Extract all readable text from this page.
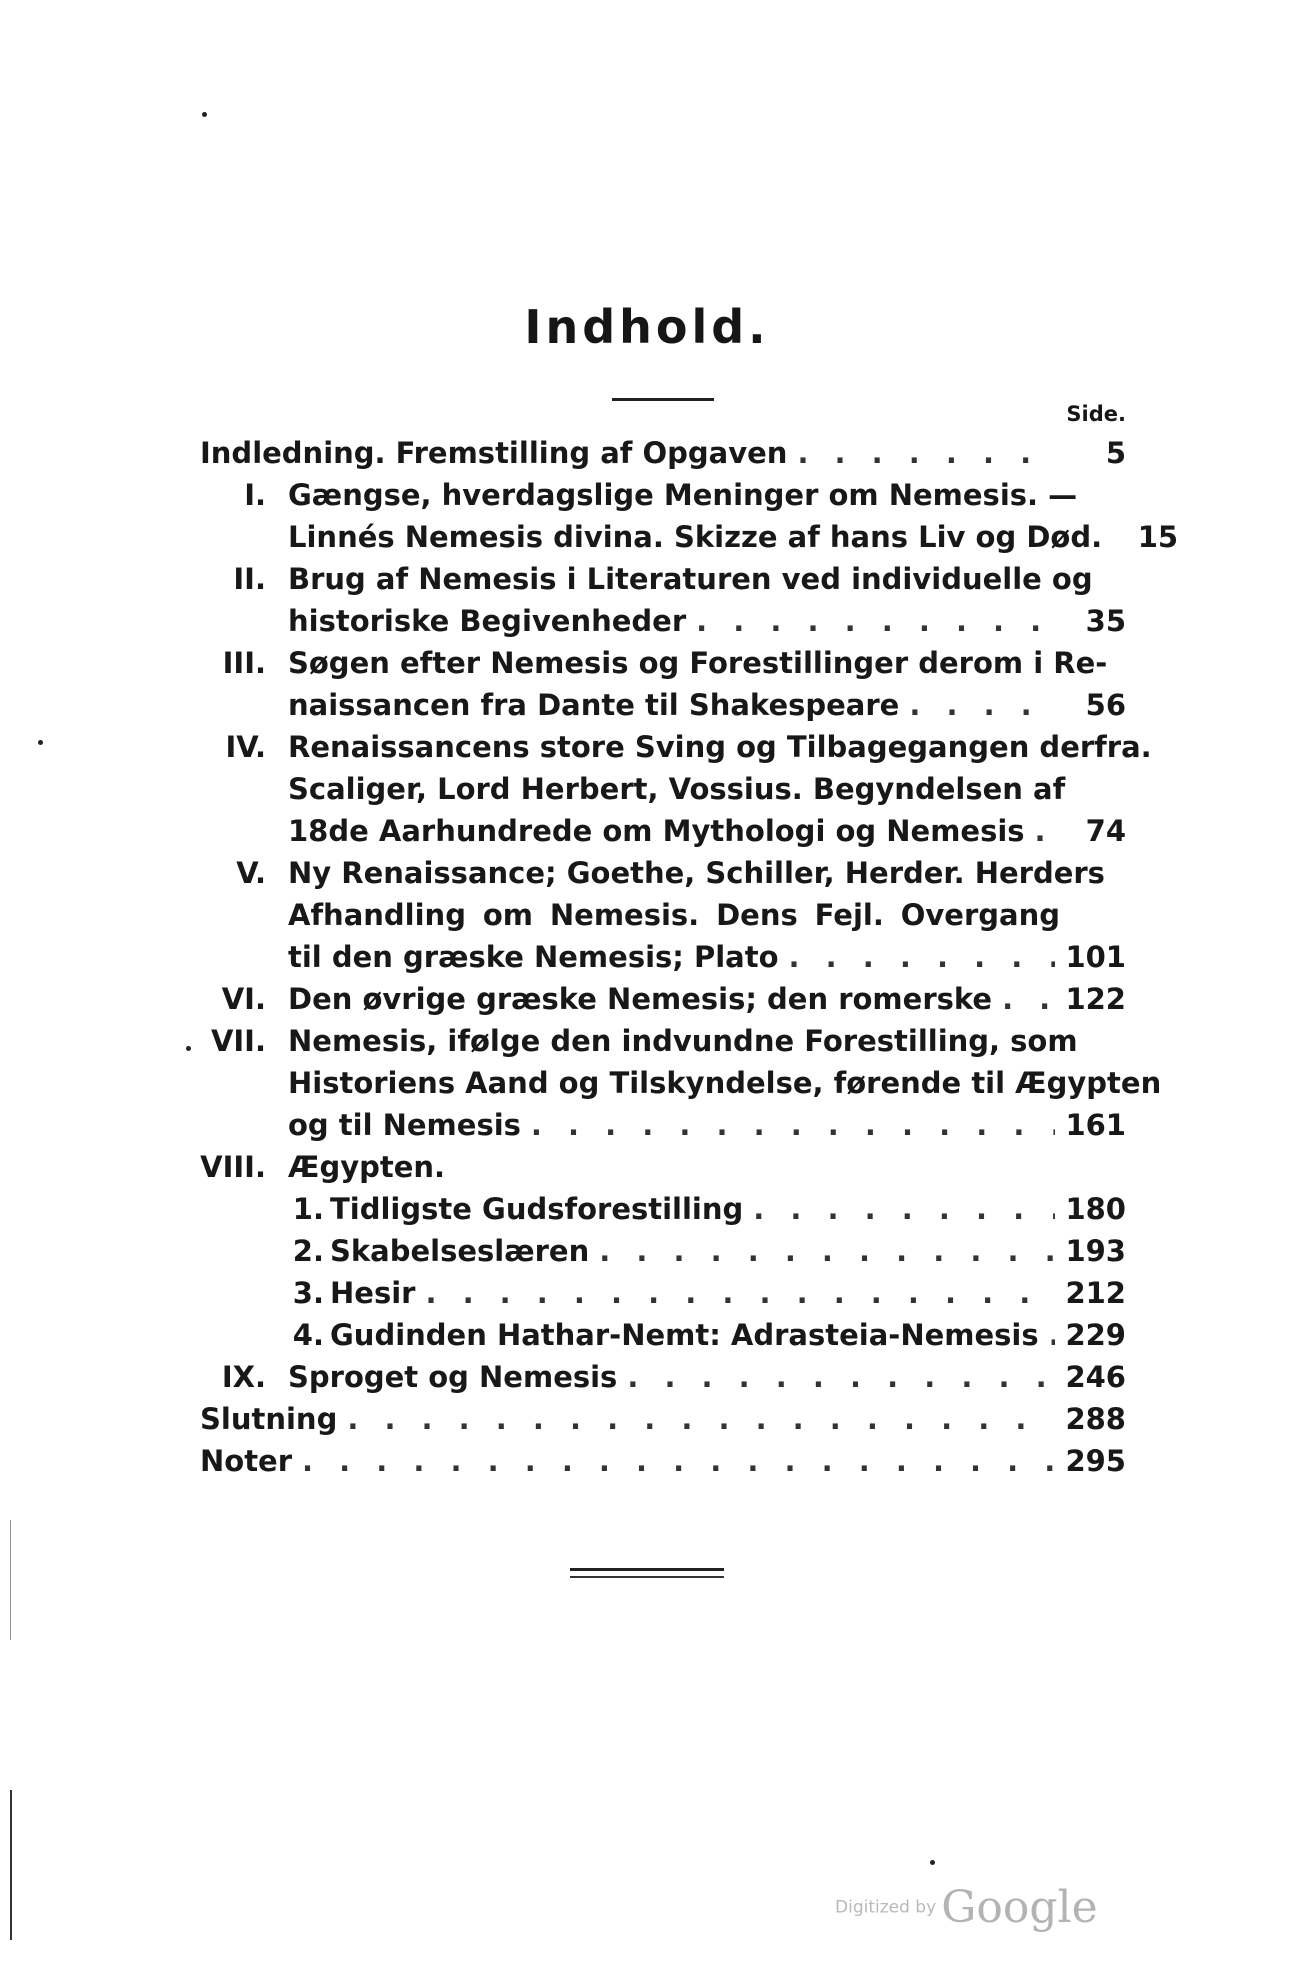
Indhold.
Side.
Indledning. Fremstilling af Opgaven . . .	5
I. Gængse, hverdagslige Meninger om Nemesis. —
Linnés Nemesis divina. Skizze af hans Liv og Død.	15
II. Brug af Nemesis i Literaturen ved individuelle og
historiske Begivenheder . . .	35
III. Søgen efter Nemesis og Forestillinger derom i Re-
naissancen fra Dante til Shakespeare . . .	56
IV. Renaissancens store Sving og Tilbagegangen derfra.
Scaliger, Lord Herbert, Vossius. Begyndelsen af
18de Aarhundrede om Mythologi og Nemesis . . .	74
V. Ny Renaissance; Goethe, Schiller, Herder. Herders
Afhandling om Nemesis. Dens Fejl. Overgang
til den græske Nemesis; Plato . . .	101
VI. Den øvrige græske Nemesis; den romerske . . .	122
VII. Nemesis, ifølge den indvundne Forestilling, som
Historiens Aand og Tilskyndelse, førende til Ægypten
og til Nemesis . . .	161
VIII. Ægypten.
1. Tidligste Gudsforestilling . . .	180
2. Skabelseslæren . . .	193
3. Hesir . . .	212
4. Gudinden Hathar-Nemt: Adrasteia-Nemesis . . . 229
IX. Sproget og Nemesis . . .	246
Slutning . . .	288
Noter . . .	295
Digitized by Google
